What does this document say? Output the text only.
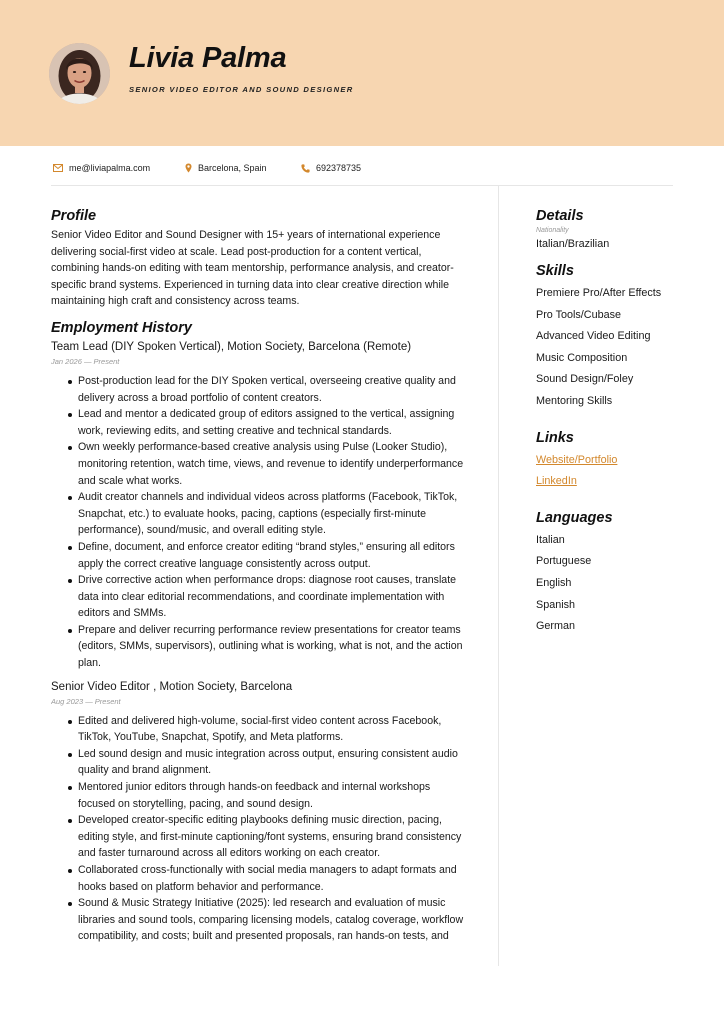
Livia Palma
SENIOR VIDEO EDITOR AND SOUND DESIGNER
me@liviapalma.com	Barcelona, Spain	692378735
Profile
Senior Video Editor and Sound Designer with 15+ years of international experience delivering social-first video at scale. Lead post-production for a content vertical, combining hands-on editing with team mentorship, performance analysis, and creator-specific brand systems. Experienced in turning data into clear creative direction while maintaining high craft and consistency across teams.
Employment History
Team Lead (DIY Spoken Vertical), Motion Society, Barcelona (Remote)
Jan 2026 — Present
Post-production lead for the DIY Spoken vertical, overseeing creative quality and delivery across a broad portfolio of content creators.
Lead and mentor a dedicated group of editors assigned to the vertical, assigning work, reviewing edits, and setting creative and technical standards.
Own weekly performance-based creative analysis using Pulse (Looker Studio), monitoring retention, watch time, views, and revenue to identify underperformance and scale what works.
Audit creator channels and individual videos across platforms (Facebook, TikTok, Snapchat, etc.) to evaluate hooks, pacing, captions (especially first-minute performance), sound/music, and overall editing style.
Define, document, and enforce creator editing “brand styles,” ensuring all editors apply the correct creative language consistently across output.
Drive corrective action when performance drops: diagnose root causes, translate data into clear editorial recommendations, and coordinate implementation with editors and SMMs.
Prepare and deliver recurring performance review presentations for creator teams (editors, SMMs, supervisors), outlining what is working, what is not, and the action plan.
Senior Video Editor , Motion Society, Barcelona
Aug 2023 — Present
Edited and delivered high-volume, social-first video content across Facebook, TikTok, YouTube, Snapchat, Spotify, and Meta platforms.
Led sound design and music integration across output, ensuring consistent audio quality and brand alignment.
Mentored junior editors through hands-on feedback and internal workshops focused on storytelling, pacing, and sound design.
Developed creator-specific editing playbooks defining music direction, pacing, editing style, and first-minute captioning/font systems, ensuring brand consistency and faster turnaround across all editors working on each creator.
Collaborated cross-functionally with social media managers to adapt formats and hooks based on platform behavior and performance.
Sound & Music Strategy Initiative (2025): led research and evaluation of music libraries and sound tools, comparing licensing models, catalog coverage, workflow compatibility, and costs; built and presented proposals, ran hands-on tests, and
Details
Nationality
Italian/Brazilian
Skills
Premiere Pro/After Effects
Pro Tools/Cubase
Advanced Video Editing
Music Composition
Sound Design/Foley
Mentoring Skills
Links
Website/Portfolio
LinkedIn
Languages
Italian
Portuguese
English
Spanish
German
